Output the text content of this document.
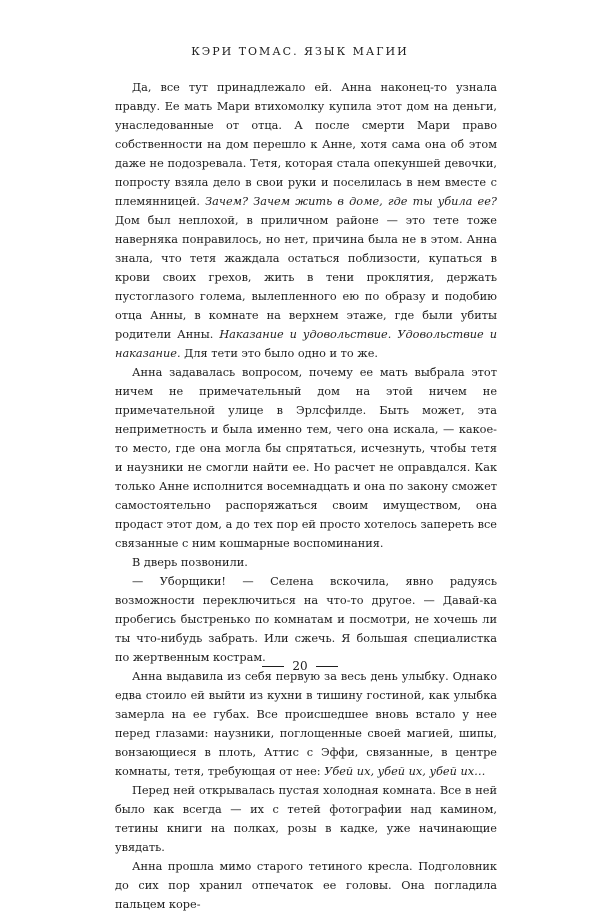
КЭРИ ТОМАС. ЯЗЫК МАГИИ

Да, все тут принадлежало ей. Анна наконец-то узнала правду. Ее мать Мари втихомолку купила этот дом на деньги, унаследованные от отца. А после смерти Мари право собственности на дом перешло к Анне, хотя сама она об этом даже не подозревала. Тетя, которая стала опекуншей девочки, попросту взяла дело в свои руки и поселилась в нем вместе с племянницей. Зачем? Зачем жить в доме, где ты убила ее? Дом был неплохой, в приличном районе — это тете тоже наверняка понравилось, но нет, причина была не в этом. Анна знала, что тетя жаждала остаться поблизости, купаться в крови своих грехов, жить в тени проклятия, держать пустоглазого голема, вылепленного ею по образу и подобию отца Анны, в комнате на верхнем этаже, где были убиты родители Анны. Наказание и удовольствие. Удовольствие и наказание. Для тети это было одно и то же.

Анна задавалась вопросом, почему ее мать выбрала этот ничем не примечательный дом на этой ничем не примечательной улице в Эрлсфилде. Быть может, эта неприметность и была именно тем, чего она искала, — какое-то место, где она могла бы спрятаться, исчезнуть, чтобы тетя и наузники не смогли найти ее. Но расчет не оправдался. Как только Анне исполнится восемнадцать и она по закону сможет самостоятельно распоряжаться своим имуществом, она продаст этот дом, а до тех пор ей просто хотелось запереть все связанные с ним кошмарные воспоминания.

В дверь позвонили.

— Уборщики! — Селена вскочила, явно радуясь возможности переключиться на что-то другое. — Давай-ка пробегись быстренько по комнатам и посмотри, не хочешь ли ты что-нибудь забрать. Или сжечь. Я большая специалистка по жертвенным кострам.

Анна выдавила из себя первую за весь день улыбку. Однако едва стоило ей выйти из кухни в тишину гостиной, как улыбка замерла на ее губах. Все происшедшее вновь встало у нее перед глазами: наузники, поглощенные своей магией, шипы, вонзающиеся в плоть, Аттис с Эффи, связанные, в центре комнаты, тетя, требующая от нее: Убей их, убей их, убей их…

Перед ней открывалась пустая холодная комната. Все в ней было как всегда — их с тетей фотографии над камином, тетины книги на полках, розы в кадке, уже начинающие увядать.

Анна прошла мимо старого тетиного кресла. Подголовник до сих пор хранил отпечаток ее головы. Она погладила пальцем коре-

20
